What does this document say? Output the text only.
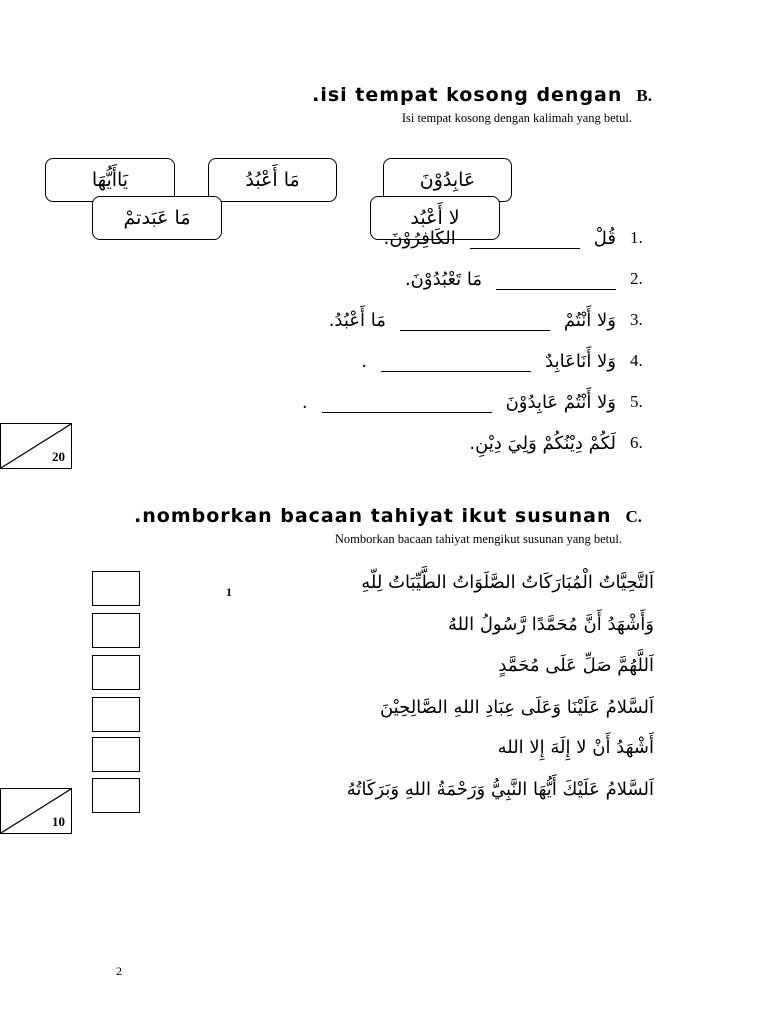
.isi tempat kosong dengan B.
Isi tempat kosong dengan kalimah yang betul.
يَاأَيُّهَا	مَا أَعْبُدُ	عَابِدُوْنَ
مَا عَبَدتمْ	لا أَعْبُد
1.
قُلْ
الكَافِرُوْنَ.
2.
مَا تَعْبُدُوْنَ.
3.
وَلا أَنْتُمْ
مَا أَعْبُدُ.
4.
وَلا أَنَاعَابِدٌ
.
5.
وَلا أَنْتُمْ عَابِدُوْنَ
.
6.
لَكُمْ دِيْنُكُمْ وَلِيَ دِيْنِ.
20
.nomborkan bacaan tahiyat ikut susunan C.
Nomborkan bacaan tahiyat mengikut susunan yang betul.
1	اَلتَّحِيَّاتُ الْمُبَارَكَاتُ الصَّلَوَاتُ الطَّيِّبَاتُ لِلّهِ
وَأَشْهَدُ أَنَّ مُحَمَّدًا رَّسُولُ اللهُ
اَللَّهُمَّ صَلِّ عَلَى مُحَمَّدٍ
اَلسَّلامُ عَلَيْنَا وَعَلَى عِبَادِ اللهِ الصَّالِحِيْنَ
أَشْهَدُ أَنْ لا إِلَهَ إِلا الله
اَلسَّلامُ عَلَيْكَ أَيُّهَا النَّبِيُّ وَرَحْمَةُ اللهِ وَبَرَكَاتُهُ
10
2
